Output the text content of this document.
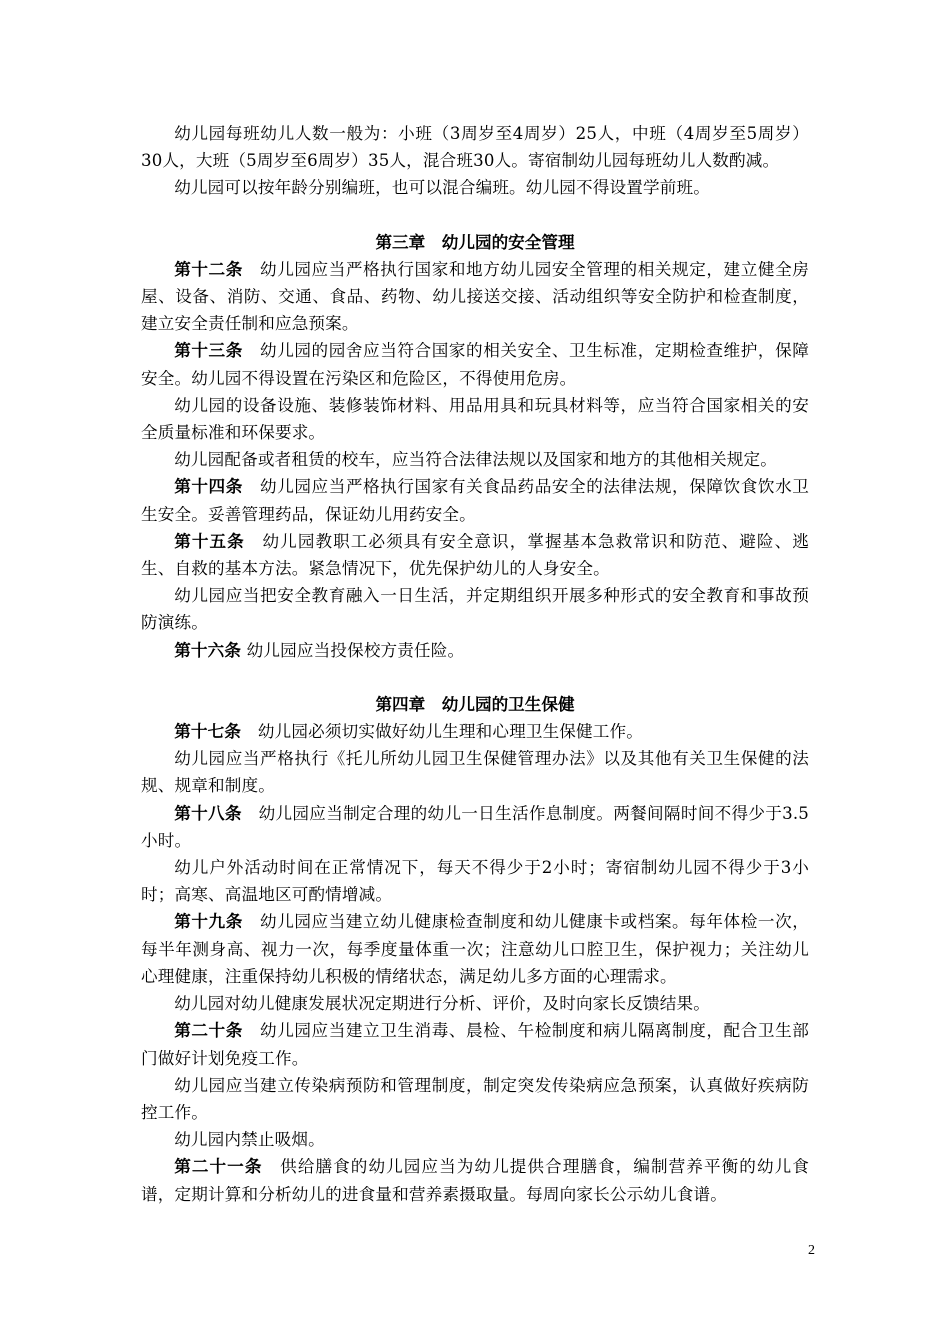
幼儿园每班幼儿人数一般为：小班（3周岁至4周岁）25人，中班（4周岁至5周岁）30人，大班（5周岁至6周岁）35人，混合班30人。寄宿制幼儿园每班幼儿人数酌减。

幼儿园可以按年龄分别编班，也可以混合编班。幼儿园不得设置学前班。

第三章　幼儿园的安全管理

第十二条　 幼儿园应当严格执行国家和地方幼儿园安全管理的相关规定，建立健全房屋、设备、消防、交通、食品、药物、幼儿接送交接、活动组织等安全防护和检查制度，建立安全责任制和应急预案。

第十三条　 幼儿园的园舍应当符合国家的相关安全、卫生标准，定期检查维护，保障安全。幼儿园不得设置在污染区和危险区，不得使用危房。

幼儿园的设备设施、装修装饰材料、用品用具和玩具材料等，应当符合国家相关的安全质量标准和环保要求。

幼儿园配备或者租赁的校车，应当符合法律法规以及国家和地方的其他相关规定。

第十四条　 幼儿园应当严格执行国家有关食品药品安全的法律法规，保障饮食饮水卫生安全。妥善管理药品，保证幼儿用药安全。

第十五条　 幼儿园教职工必须具有安全意识，掌握基本急救常识和防范、避险、逃生、自救的基本方法。紧急情况下，优先保护幼儿的人身安全。

幼儿园应当把安全教育融入一日生活，并定期组织开展多种形式的安全教育和事故预防演练。

第十六条 幼儿园应当投保校方责任险。

第四章　幼儿园的卫生保健

第十七条　 幼儿园必须切实做好幼儿生理和心理卫生保健工作。

幼儿园应当严格执行《托儿所幼儿园卫生保健管理办法》以及其他有关卫生保健的法规、规章和制度。

第十八条　 幼儿园应当制定合理的幼儿一日生活作息制度。两餐间隔时间不得少于3.5小时。

幼儿户外活动时间在正常情况下，每天不得少于2小时；寄宿制幼儿园不得少于3小时；高寒、高温地区可酌情增减。

第十九条　 幼儿园应当建立幼儿健康检查制度和幼儿健康卡或档案。每年体检一次，每半年测身高、视力一次，每季度量体重一次；注意幼儿口腔卫生，保护视力；关注幼儿心理健康，注重保持幼儿积极的情绪状态，满足幼儿多方面的心理需求。

幼儿园对幼儿健康发展状况定期进行分析、评价，及时向家长反馈结果。

第二十条　 幼儿园应当建立卫生消毒、晨检、午检制度和病儿隔离制度，配合卫生部门做好计划免疫工作。

幼儿园应当建立传染病预防和管理制度，制定突发传染病应急预案，认真做好疾病防控工作。

幼儿园内禁止吸烟。

第二十一条　 供给膳食的幼儿园应当为幼儿提供合理膳食，编制营养平衡的幼儿食谱，定期计算和分析幼儿的进食量和营养素摄取量。每周向家长公示幼儿食谱。

2
